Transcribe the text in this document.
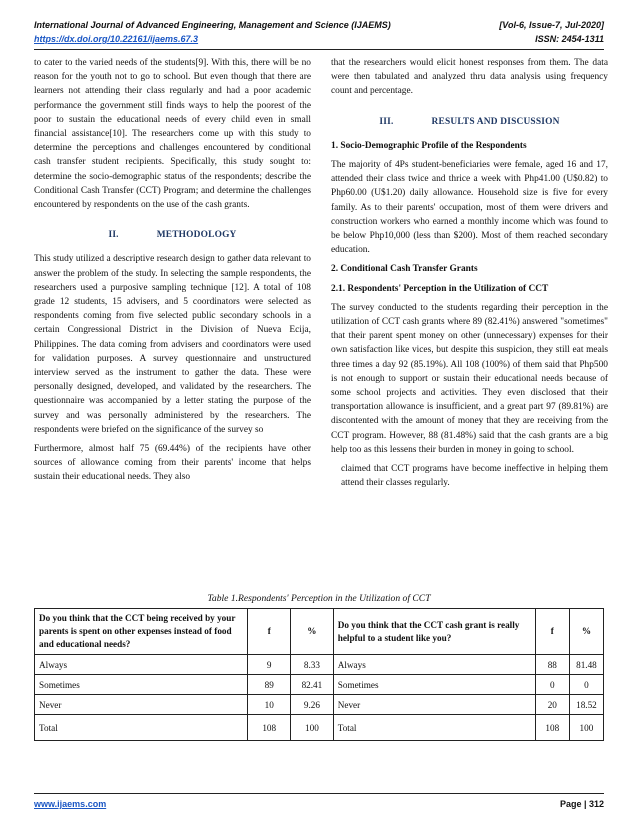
International Journal of Advanced Engineering, Management and Science (IJAEMS)	[Vol-6, Issue-7, Jul-2020]
https://dx.doi.org/10.22161/ijaems.67.3	ISSN: 2454-1311

to cater to the varied needs of the students[9]. With this, there will be no reason for the youth not to go to school. But even though that there are learners not attending their class regularly and had a poor academic performance the government still finds ways to help the poorest of the poor to sustain the educational needs of every child even in small financial assistance[10]. The researchers come up with this study to determine the perceptions and challenges encountered by conditional cash transfer student recipients. Specifically, this study sought to: determine the socio-demographic status of the respondents; describe the Conditional Cash Transfer (CCT) Program; and determine the challenges encountered by respondents on the use of the cash grants.

II.	METHODOLOGY

This study utilized a descriptive research design to gather data relevant to answer the problem of the study. In selecting the sample respondents, the researchers used a purposive sampling technique [12]. A total of 108 grade 12 students, 15 advisers, and 5 coordinators were selected as respondents coming from five selected public secondary schools in a certain Congressional District in the Division of Nueva Ecija, Philippines. The data coming from advisers and coordinators were used for validation purposes. A survey questionnaire and unstructured interview served as the instrument to gather the data. These were personally designed, developed, and validated by the researchers. The questionnaire was accompanied by a letter stating the purpose of the survey and was personally administered by the researchers. The respondents were briefed on the significance of the survey so

Furthermore, almost half 75 (69.44%) of the recipients have other sources of allowance coming from their parents' income that helps sustain their educational needs. They also

that the researchers would elicit honest responses from them. The data were then tabulated and analyzed thru data analysis using frequency count and percentage.

III.	RESULTS AND DISCUSSION
1. Socio-Demographic Profile of the Respondents

The majority of 4Ps student-beneficiaries were female, aged 16 and 17, attended their class twice and thrice a week with Php41.00 (U$0.82) to Php60.00 (U$1.20) daily allowance. Household size is five for every family. As to their parents' occupation, most of them were drivers and construction workers who earned a monthly income which was found to be below Php10,000 (less than $200). Most of them reached secondary education.

2. Conditional Cash Transfer Grants
2.1. Respondents' Perception in the Utilization of CCT

The survey conducted to the students regarding their perception in the utilization of CCT cash grants where 89 (82.41%) answered "sometimes" that their parent spent money on other (unnecessary) expenses for their own satisfaction like vices, but despite this suspicion, they still eat meals three times a day 92 (85.19%). All 108 (100%) of them said that Php500 is not enough to support or sustain their educational needs because of some school projects and activities. They even disclosed that their transportation allowance is insufficient, and a great part 97 (89.81%) are discontented with the amount of money that they are receiving from the CCT program. However, 88 (81.48%) said that the cash grants are a big help too as this lessens their burden in money in going to school.

claimed that CCT programs have become ineffective in helping them attend their classes regularly.

Table 1.Respondents' Perception in the Utilization of CCT
Do you think that the CCT being received by your parents is spent on other expenses instead of food and educational needs?	f	%	Do you think that the CCT cash grant is really helpful to a student like you?	f	%
Always	9	8.33	Always	88	81.48
Sometimes	89	82.41	Sometimes	0	0
Never	10	9.26	Never	20	18.52
Total	108	100	Total	108	100
www.ijaems.com	Page | 312
